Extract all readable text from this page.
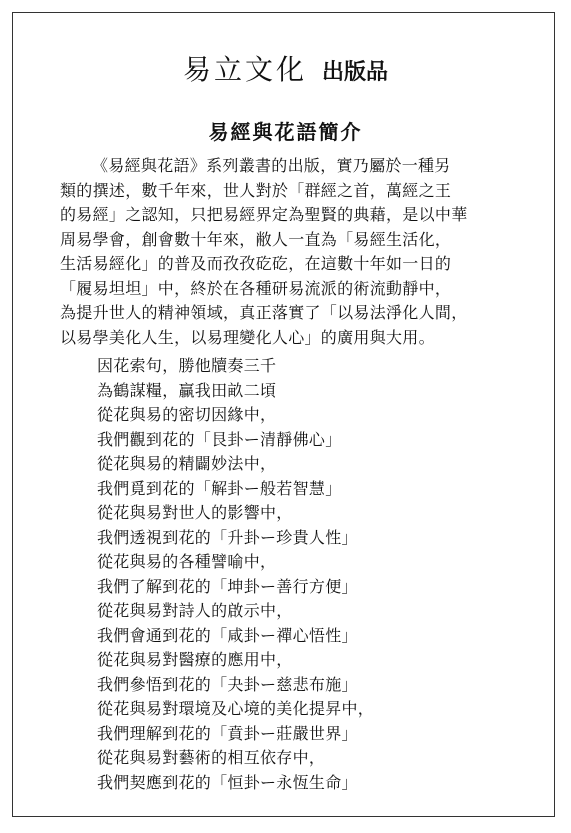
易立文化 出版品
易經與花語簡介

《易經與花語》系列叢書的出版，實乃屬於一種另
類的撰述，數千年來，世人對於「群經之首，萬經之王
的易經」之認知，只把易經界定為聖賢的典藉，是以中華
周易學會，創會數十年來，敝人一直為「易經生活化，
生活易經化」的普及而孜孜矻矻，在這數十年如一日的
「履易坦坦」中，終於在各種研易流派的術流動靜中，
為提升世人的精神領域，真正落實了「以易法淨化人間，
以易學美化人生，以易理變化人心」的廣用與大用。

因花索句，勝他牘奏三千
為鶴謀糧，贏我田畝二頃
從花與易的密切因緣中，
我們觀到花的「艮卦ー清靜佛心」
從花與易的精闢妙法中，
我們覓到花的「解卦ー般若智慧」
從花與易對世人的影響中，
我們透視到花的「升卦ー珍貴人性」
從花與易的各種譬喻中，
我們了解到花的「坤卦ー善行方便」
從花與易對詩人的啟示中，
我們會通到花的「咸卦ー禪心悟性」
從花與易對醫療的應用中，
我們參悟到花的「夬卦ー慈悲布施」
從花與易對環境及心境的美化提昇中，
我們理解到花的「賁卦ー莊嚴世界」
從花與易對藝術的相互依存中，
我們契應到花的「恒卦ー永恆生命」
